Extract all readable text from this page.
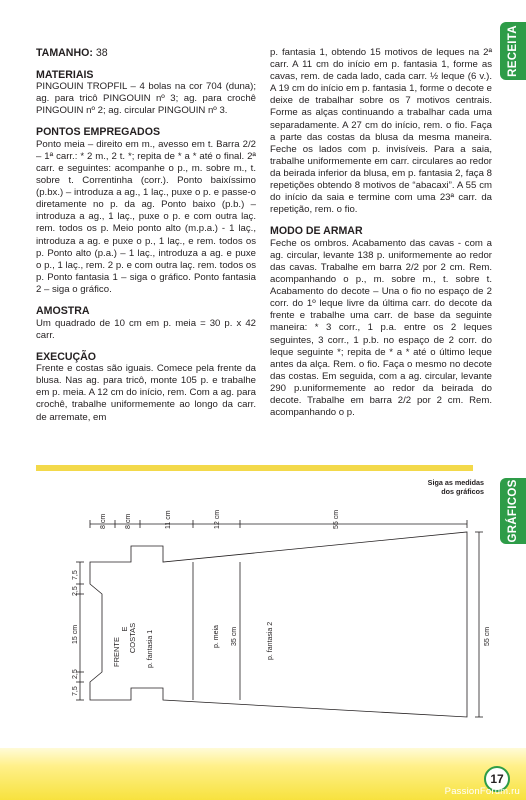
RECEITA
GRÁFICOS
TAMANHO: 38
MATERIAIS

PINGOUIN TROPFIL – 4 bolas na cor 704 (duna); ag. para tricô PINGOUIN nº 3; ag. para crochê PINGOUIN nº 2; ag. circular PINGOUIN nº 3.

PONTOS EMPREGADOS

Ponto meia – direito em m., avesso em t. Barra 2/2 – 1ª carr.: * 2 m., 2 t. *; repita de * a * até o final. 2ª carr. e seguintes: acompanhe o p., m. sobre m., t. sobre t. Correntinha (corr.). Ponto baixíssimo (p.bx.) – introduza a ag., 1 laç., puxe o p. e passe-o diretamente no p. da ag. Ponto baixo (p.b.) – introduza a ag., 1 laç., puxe o p. e com outra laç. rem. todos os p. Meio ponto alto (m.p.a.) - 1 laç., introduza a ag. e puxe o p., 1 laç., e rem. todos os p. Ponto alto (p.a.) – 1 laç., introduza a ag. e puxe o p., 1 laç., rem. 2 p. e com outra laç. rem. todos os p. Ponto fantasia 1 – siga o gráfico. Ponto fantasia 2 – siga o gráfico.

AMOSTRA

Um quadrado de 10 cm em p. meia = 30 p. x 42 carr.

EXECUÇÃO

Frente e costas são iguais. Comece pela frente da blusa. Nas ag. para tricô, monte 105 p. e trabalhe em p. meia. A 12 cm do início, rem. Com a ag. para crochê, trabalhe uniformemente ao longo da carr. de arremate, em

p. fantasia 1, obtendo 15 motivos de leques na 2ª carr. A 11 cm do início em p. fantasia 1, forme as cavas, rem. de cada lado, cada carr. ½ leque (6 v.). A 19 cm do início em p. fantasia 1, forme o decote e deixe de trabalhar sobre os 7 motivos centrais. Forme as alças continuando a trabalhar cada uma separadamente. A 27 cm do início, rem. o fio. Faça a parte das costas da blusa da mesma maneira. Feche os lados com p. invisíveis. Para a saia, trabalhe uniformemente em carr. circulares ao redor da beirada inferior da blusa, em p. fantasia 2, faça 8 repetições obtendo 8 motivos de “abacaxi”. A 55 cm do início da saia e termine com uma 23ª carr. da repetição, rem. o fio.

MODO DE ARMAR

Feche os ombros. Acabamento das cavas - com a ag. circular, levante 138 p. uniformemente ao redor das cavas. Trabalhe em barra 2/2 por 2 cm. Rem. acompanhando o p., m. sobre m., t. sobre t. Acabamento do decote – Una o fio no espaço de 2 corr. do 1º leque livre da última carr. do decote da frente e trabalhe uma carr. de base da seguinte maneira: * 3 corr., 1 p.a. entre os 2 leques seguintes, 3 corr., 1 p.b. no espaço de 2 corr. do leque seguinte *; repita de * a * até o último leque antes da alça. Rem. o fio. Faça o mesmo no decote das costas. Em seguida, com a ag. circular, levante 290 p.uniformemente ao redor da beirada do decote. Trabalhe em barra 2/2 por 2 cm. Rem. acompanhando o p.

Siga as medidas
dos gráficos
8 cm	8 cm	11 cm	12 cm	55 cm
7,5
2,5
15 cm
2,5
7,5
FRENTE
E COSTAS p. fantasia 1	p. meia 35 cm	p. fantasia 2	55 cm
17
PassionForum.ru
